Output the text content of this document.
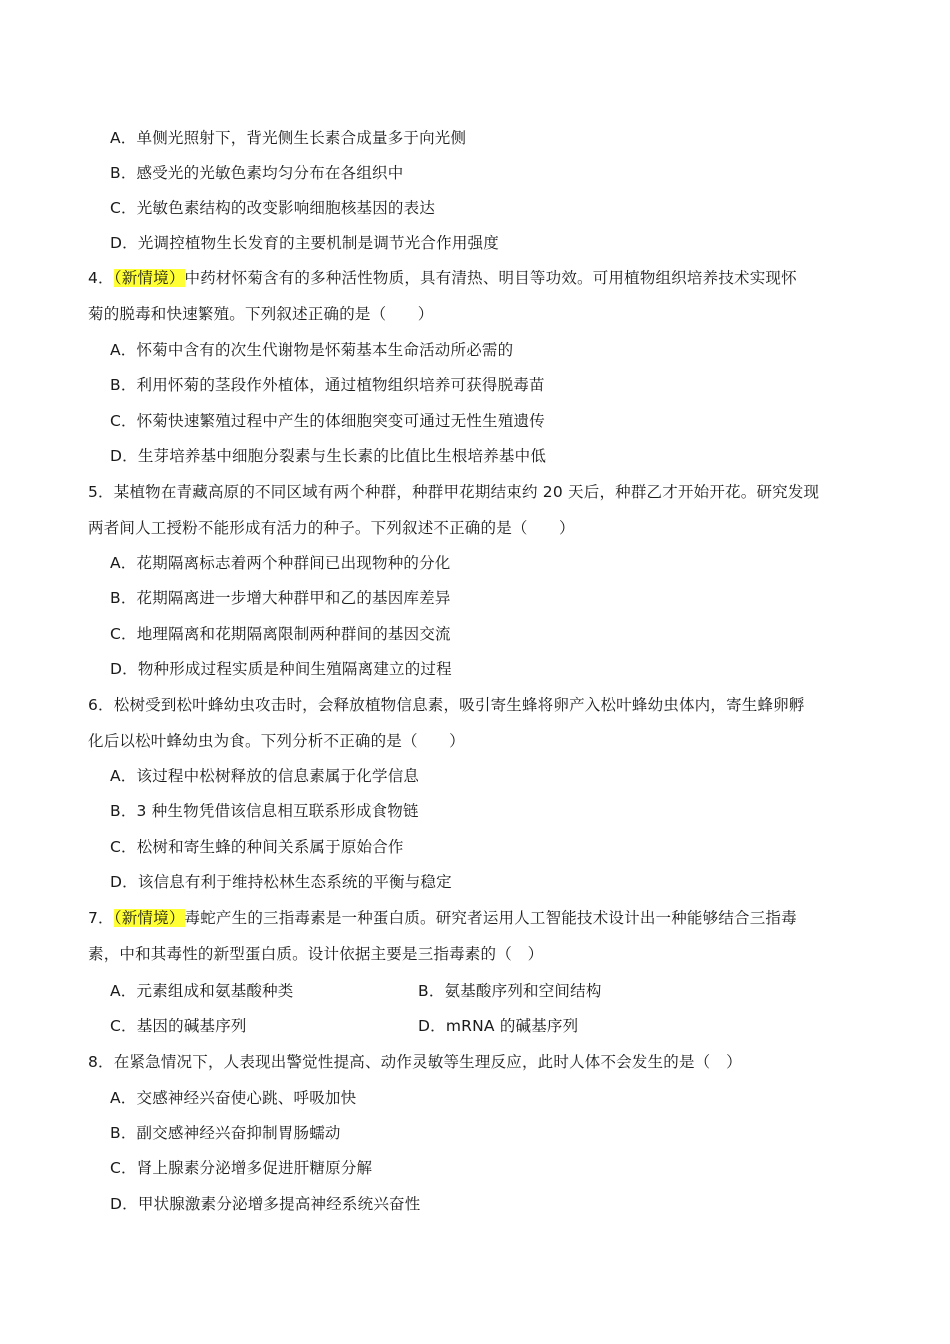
A．单侧光照射下，背光侧生长素合成量多于向光侧
B．感受光的光敏色素均匀分布在各组织中
C．光敏色素结构的改变影响细胞核基因的表达
D．光调控植物生长发育的主要机制是调节光合作用强度
4．（新情境）中药材怀菊含有的多种活性物质，具有清热、明目等功效。可用植物组织培养技术实现怀
菊的脱毒和快速繁殖。下列叙述正确的是（　　）
A．怀菊中含有的次生代谢物是怀菊基本生命活动所必需的
B．利用怀菊的茎段作外植体，通过植物组织培养可获得脱毒苗
C．怀菊快速繁殖过程中产生的体细胞突变可通过无性生殖遗传
D．生芽培养基中细胞分裂素与生长素的比值比生根培养基中低
5．某植物在青藏高原的不同区域有两个种群，种群甲花期结束约 20 天后，种群乙才开始开花。研究发现
两者间人工授粉不能形成有活力的种子。下列叙述不正确的是（　　）
A．花期隔离标志着两个种群间已出现物种的分化
B．花期隔离进一步增大种群甲和乙的基因库差异
C．地理隔离和花期隔离限制两种群间的基因交流
D．物种形成过程实质是种间生殖隔离建立的过程
6．松树受到松叶蜂幼虫攻击时，会释放植物信息素，吸引寄生蜂将卵产入松叶蜂幼虫体内，寄生蜂卵孵
化后以松叶蜂幼虫为食。下列分析不正确的是（　　）
A．该过程中松树释放的信息素属于化学信息
B．3 种生物凭借该信息相互联系形成食物链
C．松树和寄生蜂的种间关系属于原始合作
D．该信息有利于维持松林生态系统的平衡与稳定
7．（新情境）毒蛇产生的三指毒素是一种蛋白质。研究者运用人工智能技术设计出一种能够结合三指毒
素，中和其毒性的新型蛋白质。设计依据主要是三指毒素的（　）
A．元素组成和氨基酸种类	B．氨基酸序列和空间结构
C．基因的碱基序列	D．mRNA 的碱基序列
8．在紧急情况下，人表现出警觉性提高、动作灵敏等生理反应，此时人体不会发生的是（　）
A．交感神经兴奋使心跳、呼吸加快
B．副交感神经兴奋抑制胃肠蠕动
C．肾上腺素分泌增多促进肝糖原分解
D．甲状腺激素分泌增多提高神经系统兴奋性
